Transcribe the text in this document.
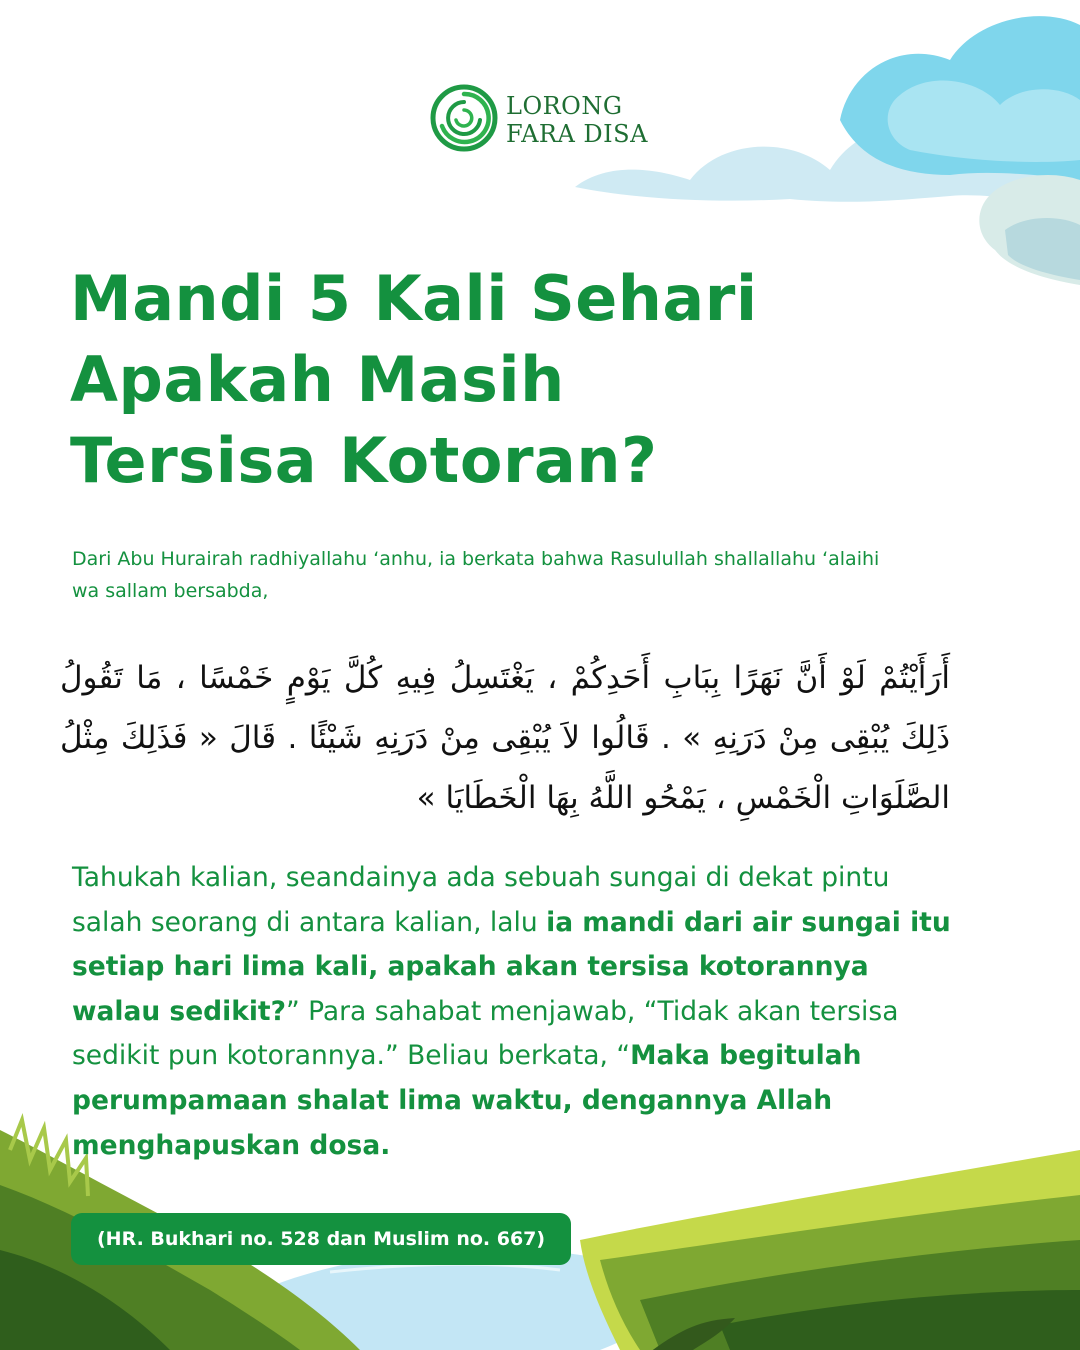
LORONG
FARA DISA
Mandi 5 Kali Sehari
Apakah Masih
Tersisa Kotoran?

Dari Abu Hurairah radhiyallahu ‘anhu, ia berkata bahwa Rasulullah shallallahu ‘alaihi wa sallam bersabda,

أَرَأَيْتُمْ لَوْ أَنَّ نَهَرًا بِبَابِ أَحَدِكُمْ ، يَغْتَسِلُ فِيهِ كُلَّ يَوْمٍ خَمْسًا ، مَا تَقُولُ ذَلِكَ يُبْقِى مِنْ دَرَنِهِ » . قَالُوا لاَ يُبْقِى مِنْ دَرَنِهِ شَيْئًا . قَالَ « فَذَلِكَ مِثْلُ الصَّلَوَاتِ الْخَمْسِ ، يَمْحُو اللَّهُ بِهَا الْخَطَايَا »

Tahukah kalian, seandainya ada sebuah sungai di dekat pintu salah seorang di antara kalian, lalu ia mandi dari air sungai itu setiap hari lima kali, apakah akan tersisa kotorannya walau sedikit?” Para sahabat menjawab, “Tidak akan tersisa sedikit pun kotorannya.” Beliau berkata, “Maka begitulah perumpamaan shalat lima waktu, dengannya Allah menghapuskan dosa.

(HR. Bukhari no. 528 dan Muslim no. 667)
